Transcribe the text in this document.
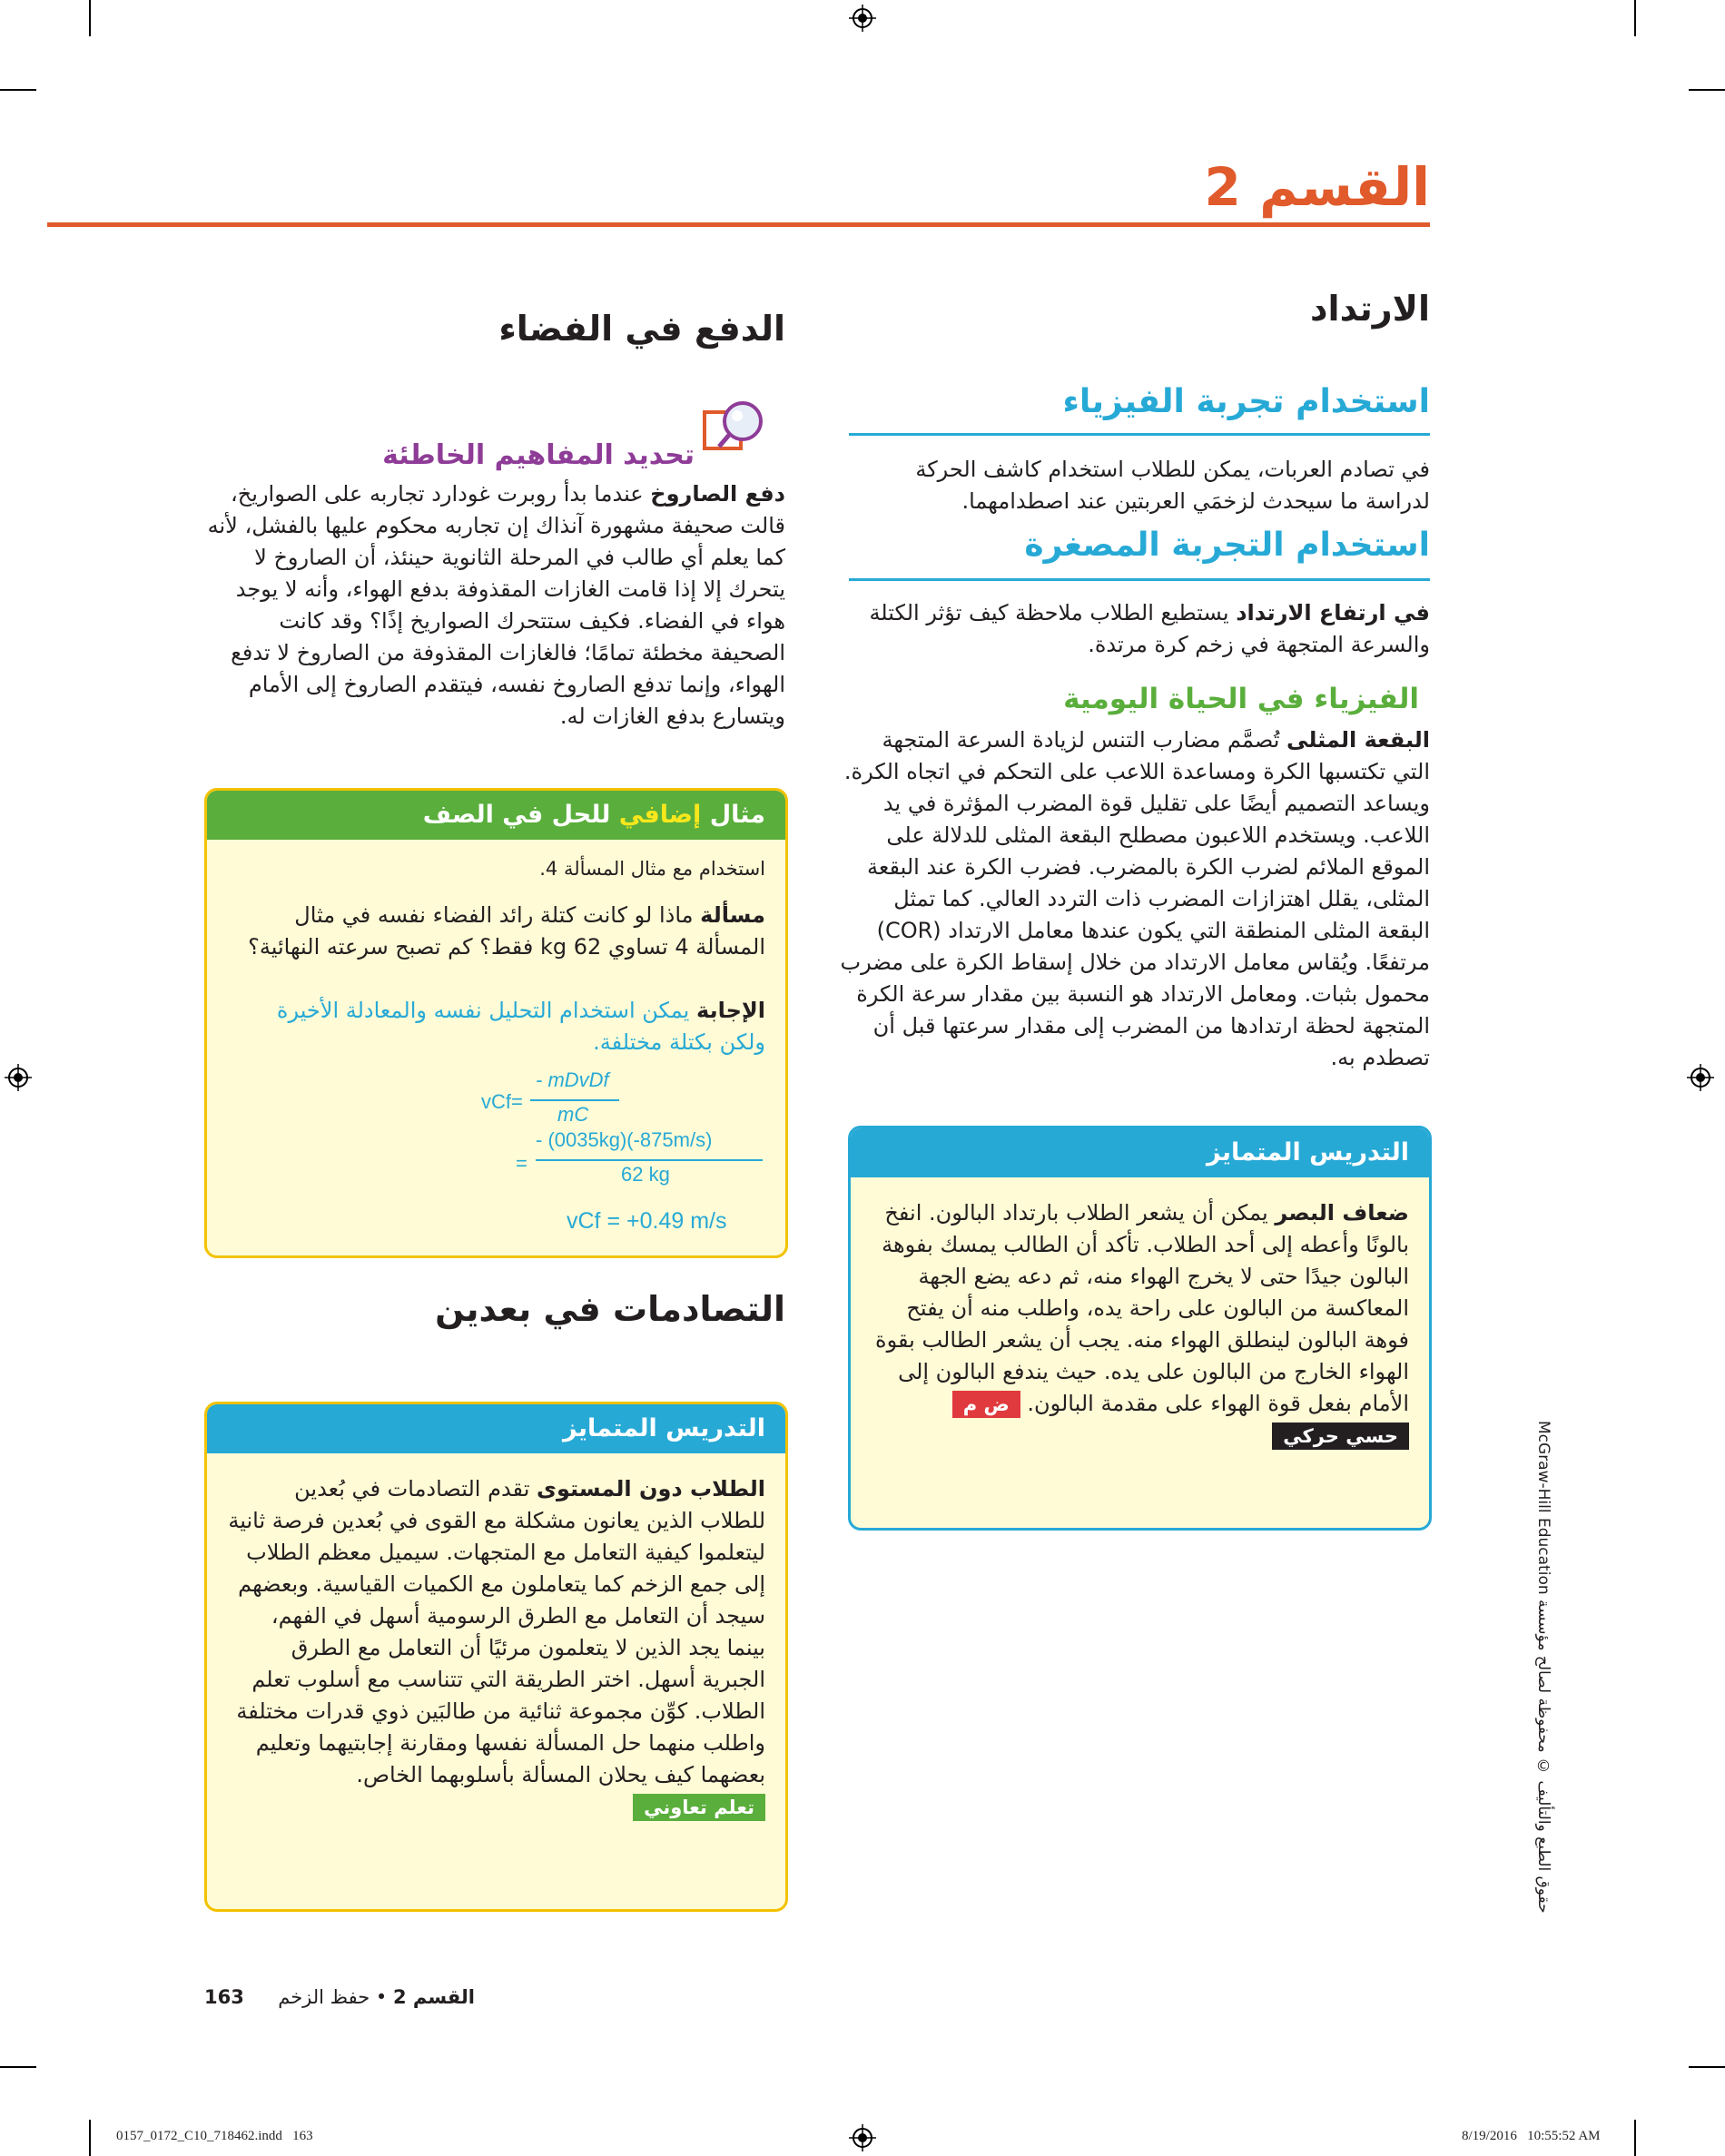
القسم 2
الارتداد
استخدام تجربة الفيزياء
في تصادم العربات، يمكن للطلاب استخدام كاشف الحركة لدراسة ما سيحدث لزخمَي العربتين عند اصطدامهما.
استخدام التجربة المصغرة
في ارتفاع الارتداد يستطيع الطلاب ملاحظة كيف تؤثر الكتلة والسرعة المتجهة في زخم كرة مرتدة.
الفيزياء في الحياة اليومية
البقعة المثلى تُصمَّم مضارب التنس لزيادة السرعة المتجهة التي تكتسبها الكرة ومساعدة اللاعب على التحكم في اتجاه الكرة. ويساعد التصميم أيضًا على تقليل قوة المضرب المؤثرة في يد اللاعب. ويستخدم اللاعبون مصطلح البقعة المثلى للدلالة على الموقع الملائم لضرب الكرة بالمضرب. فضرب الكرة عند البقعة المثلى، يقلل اهتزازات المضرب ذات التردد العالي. كما تمثل البقعة المثلى المنطقة التي يكون عندها معامل الارتداد (COR) مرتفعًا. ويُقاس معامل الارتداد من خلال إسقاط الكرة على مضرب محمول بثبات. ومعامل الارتداد هو النسبة بين مقدار سرعة الكرة المتجهة لحظة ارتدادها من المضرب إلى مقدار سرعتها قبل أن تصطدم به.
التدريس المتمايز
ضعاف البصر يمكن أن يشعر الطلاب بارتداد البالون. انفخ بالونًا وأعطه إلى أحد الطلاب. تأكد أن الطالب يمسك بفوهة البالون جيدًا حتى لا يخرج الهواء منه، ثم دعه يضع الجهة المعاكسة من البالون على راحة يده، واطلب منه أن يفتح فوهة البالون لينطلق الهواء منه. يجب أن يشعر الطالب بقوة الهواء الخارج من البالون على يده. حيث يندفع البالون إلى الأمام بفعل قوة الهواء على مقدمة البالون. ض محسي حركي
الدفع في الفضاء
تحديد المفاهيم الخاطئة
دفع الصاروخ عندما بدأ روبرت غودارد تجاربه على الصواريخ، قالت صحيفة مشهورة آنذاك إن تجاربه محكوم عليها بالفشل، لأنه كما يعلم أي طالب في المرحلة الثانوية حينئذ، أن الصاروخ لا يتحرك إلا إذا قامت الغازات المقذوفة بدفع الهواء، وأنه لا يوجد هواء في الفضاء. فكيف ستتحرك الصواريخ إذًا؟ وقد كانت الصحيفة مخطئة تمامًا؛ فالغازات المقذوفة من الصاروخ لا تدفع الهواء، وإنما تدفع الصاروخ نفسه، فيتقدم الصاروخ إلى الأمام ويتسارع بدفع الغازات له.
مثال إضافي للحل في الصف
استخدام مع مثال المسألة 4.
مسألة ماذا لو كانت كتلة رائد الفضاء نفسه في مثال المسألة 4 تساوي 62 kg فقط؟ كم تصبح سرعته النهائية؟
الإجابة يمكن استخدام التحليل نفسه والمعادلة الأخيرة ولكن بكتلة مختلفة.
vCf=
- mDvDf
mC
=
- (0035kg)(-875m/s)
62 kg
vCf = +0.49 m/s
التصادمات في بعدين
التدريس المتمايز
الطلاب دون المستوى تقدم التصادمات في بُعدين للطلاب الذين يعانون مشكلة مع القوى في بُعدين فرصة ثانية ليتعلموا كيفية التعامل مع المتجهات. سيميل معظم الطلاب إلى جمع الزخم كما يتعاملون مع الكميات القياسية. وبعضهم سيجد أن التعامل مع الطرق الرسومية أسهل في الفهم، بينما يجد الذين لا يتعلمون مرئيًا أن التعامل مع الطرق الجبرية أسهل. اختر الطريقة التي تتناسب مع أسلوب تعلم الطلاب. كوِّن مجموعة ثنائية من طالبَين ذوي قدرات مختلفة واطلب منهما حل المسألة نفسها ومقارنة إجابتيهما وتعليم بعضهما كيف يحلان المسألة بأسلوبهما الخاص. تعلم تعاوني
163	القسم 2 • حفظ الزخم
حقوق الطبع والتأليف © محفوظة لصالح مؤسسة McGraw-Hill Education
0157_0172_C10_718462.indd   163	8/19/2016   10:55:52 AM
